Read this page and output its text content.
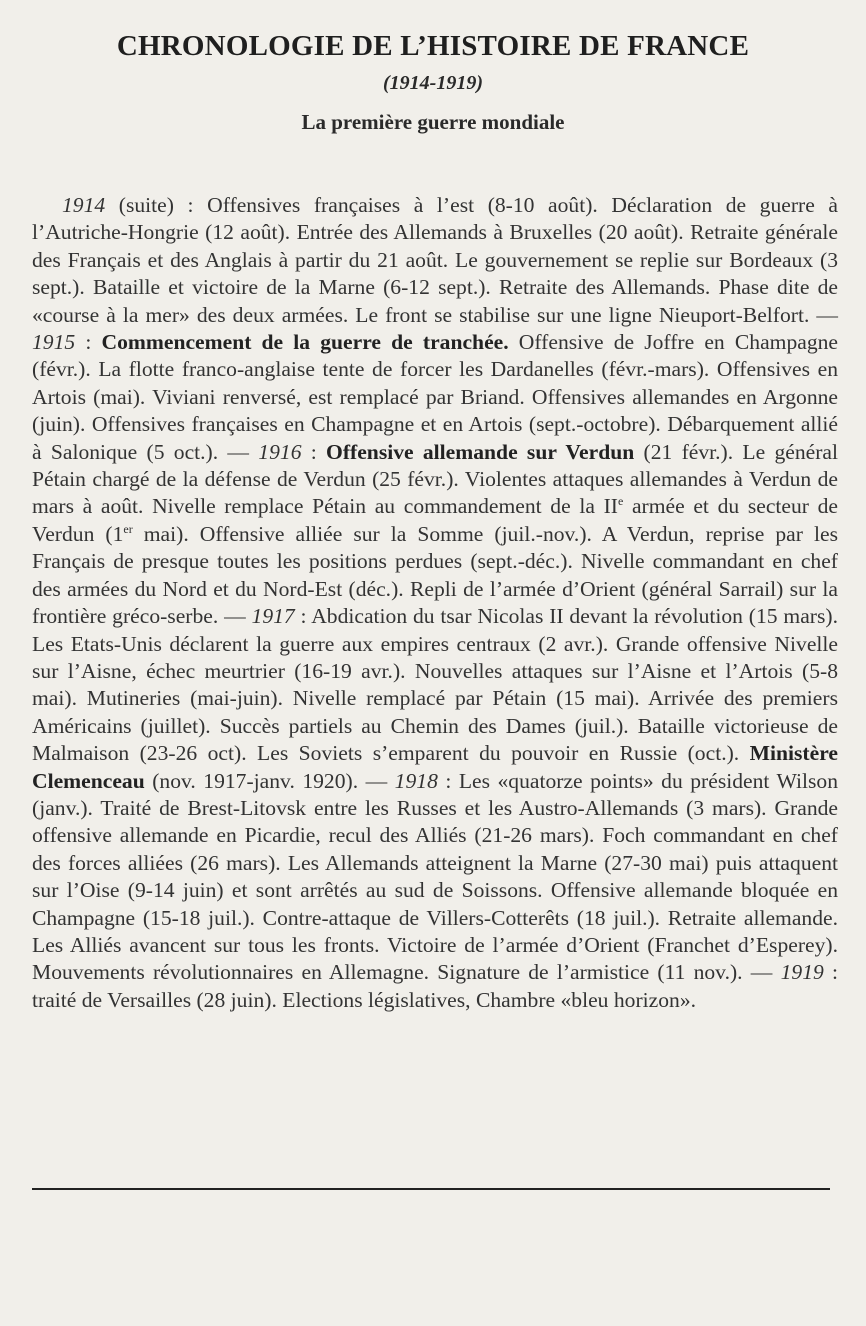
CHRONOLOGIE DE L’HISTOIRE DE FRANCE
(1914-1919)
La première guerre mondiale

1914 (suite) : Offensives françaises à l’est (8-10 août). Déclaration de guerre à l’Autriche-Hongrie (12 août). Entrée des Allemands à Bruxelles (20 août). Retraite générale des Français et des Anglais à partir du 21 août. Le gouvernement se replie sur Bordeaux (3 sept.). Bataille et victoire de la Marne (6-12 sept.). Retraite des Allemands. Phase dite de «course à la mer» des deux armées. Le front se stabilise sur une ligne Nieuport-Belfort. — 1915 : Commencement de la guerre de tranchée. Offensive de Joffre en Champagne (févr.). La flotte franco-anglaise tente de forcer les Dardanelles (févr.-mars). Offensives en Artois (mai). Viviani renversé, est remplacé par Briand. Offensives allemandes en Argonne (juin). Offensives françaises en Champagne et en Artois (sept.-octobre). Débarquement allié à Salonique (5 oct.). — 1916 : Offensive allemande sur Verdun (21 févr.). Le général Pétain chargé de la défense de Verdun (25 févr.). Violentes attaques allemandes à Verdun de mars à août. Nivelle remplace Pétain au commandement de la IIe armée et du secteur de Verdun (1er mai). Offensive alliée sur la Somme (juil.-nov.). A Verdun, reprise par les Français de presque toutes les positions perdues (sept.-déc.). Nivelle commandant en chef des armées du Nord et du Nord-Est (déc.). Repli de l’armée d’Orient (général Sarrail) sur la frontière gréco-serbe. — 1917 : Abdication du tsar Nicolas II devant la révolution (15 mars). Les Etats-Unis déclarent la guerre aux empires centraux (2 avr.). Grande offensive Nivelle sur l’Aisne, échec meurtrier (16-19 avr.). Nouvelles attaques sur l’Aisne et l’Artois (5-8 mai). Mutineries (mai-juin). Nivelle remplacé par Pétain (15 mai). Arrivée des premiers Américains (juillet). Succès partiels au Chemin des Dames (juil.). Bataille victorieuse de Malmaison (23-26 oct). Les Soviets s’emparent du pouvoir en Russie (oct.). Ministère Clemenceau (nov. 1917-janv. 1920). — 1918 : Les «quatorze points» du président Wilson (janv.). Traité de Brest-Litovsk entre les Russes et les Austro-Allemands (3 mars). Grande offensive allemande en Picardie, recul des Alliés (21-26 mars). Foch commandant en chef des forces alliées (26 mars). Les Allemands atteignent la Marne (27-30 mai) puis attaquent sur l’Oise (9-14 juin) et sont arrêtés au sud de Soissons. Offensive allemande bloquée en Champagne (15-18 juil.). Contre-attaque de Villers-Cotterêts (18 juil.). Retraite allemande. Les Alliés avancent sur tous les fronts. Victoire de l’armée d’Orient (Franchet d’Esperey). Mouvements révolutionnaires en Allemagne. Signature de l’armistice (11 nov.). — 1919 : traité de Versailles (28 juin). Elections législatives, Chambre «bleu horizon».
